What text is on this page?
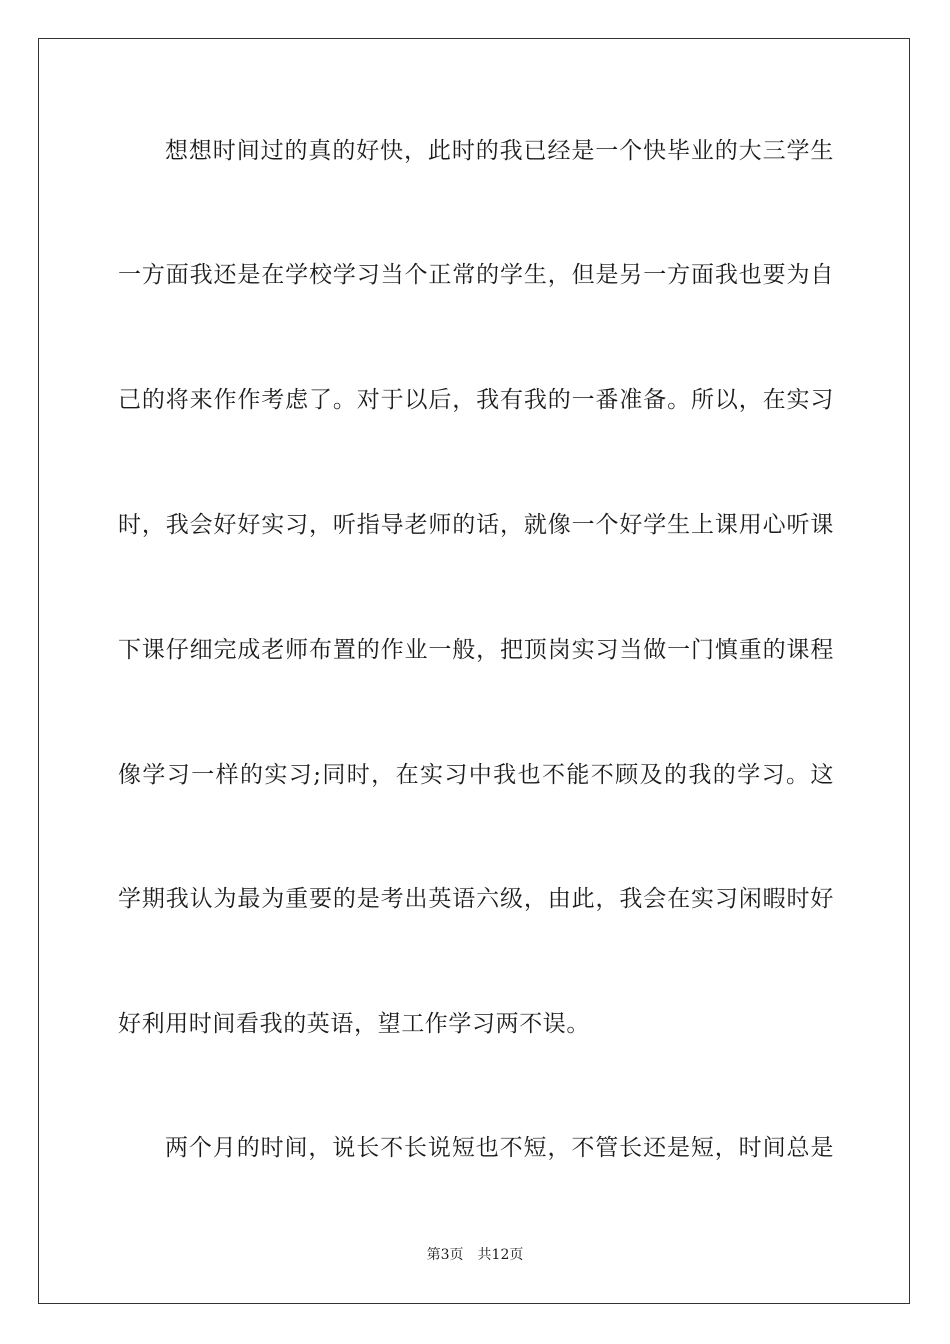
想想时间过的真的好快，此时的我已经是一个快毕业的大三学生
一方面我还是在学校学习当个正常的学生，但是另一方面我也要为自
己的将来作作考虑了。对于以后，我有我的一番准备。所以，在实习
时，我会好好实习，听指导老师的话，就像一个好学生上课用心听课
下课仔细完成老师布置的作业一般，把顶岗实习当做一门慎重的课程
像学习一样的实习;同时，在实习中我也不能不顾及的我的学习。这
学期我认为最为重要的是考出英语六级，由此，我会在实习闲暇时好
好利用时间看我的英语，望工作学习两不误。
两个月的时间，说长不长说短也不短，不管长还是短，时间总是
第3页 共12页
